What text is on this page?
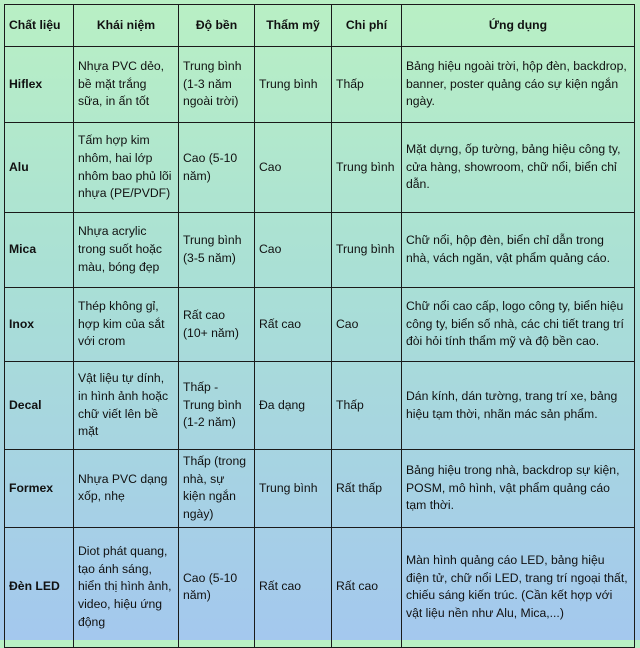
Chất liệu	Khái niệm	Độ bền	Thẩm mỹ	Chi phí	Ứng dụng
Hiflex	Nhựa PVC dẻo, bề mặt trắng sữa, in ấn tốt	Trung bình (1-3 năm ngoài trời)	Trung bình	Thấp	Bảng hiệu ngoài trời, hộp đèn, backdrop, banner, poster quảng cáo sự kiện ngắn ngày.
Alu	Tấm hợp kim nhôm, hai lớp nhôm bao phủ lõi nhựa (PE/PVDF)	Cao (5-10 năm)	Cao	Trung bình	Mặt dựng, ốp tường, bảng hiệu công ty, cửa hàng, showroom, chữ nổi, biển chỉ dẫn.
Mica	Nhựa acrylic trong suốt hoặc màu, bóng đẹp	Trung bình (3-5 năm)	Cao	Trung bình	Chữ nổi, hộp đèn, biển chỉ dẫn trong nhà, vách ngăn, vật phẩm quảng cáo.
Inox	Thép không gỉ, hợp kim của sắt với crom	Rất cao (10+ năm)	Rất cao	Cao	Chữ nổi cao cấp, logo công ty, biển hiệu công ty, biển số nhà, các chi tiết trang trí đòi hỏi tính thẩm mỹ và độ bền cao.
Decal	Vật liệu tự dính, in hình ảnh hoặc chữ viết lên bề mặt	Thấp - Trung bình (1-2 năm)	Đa dạng	Thấp	Dán kính, dán tường, trang trí xe, bảng hiệu tạm thời, nhãn mác sản phẩm.
Formex	Nhựa PVC dạng xốp, nhẹ	Thấp (trong nhà, sự kiện ngắn ngày)	Trung bình	Rất thấp	Bảng hiệu trong nhà, backdrop sự kiện, POSM, mô hình, vật phẩm quảng cáo tạm thời.
Đèn LED	Diot phát quang, tạo ánh sáng, hiển thị hình ảnh, video, hiệu ứng động	Cao (5-10 năm)	Rất cao	Rất cao	Màn hình quảng cáo LED, bảng hiệu điện tử, chữ nổi LED, trang trí ngoại thất, chiếu sáng kiến trúc. (Cần kết hợp với vật liệu nền như Alu, Mica,...)
